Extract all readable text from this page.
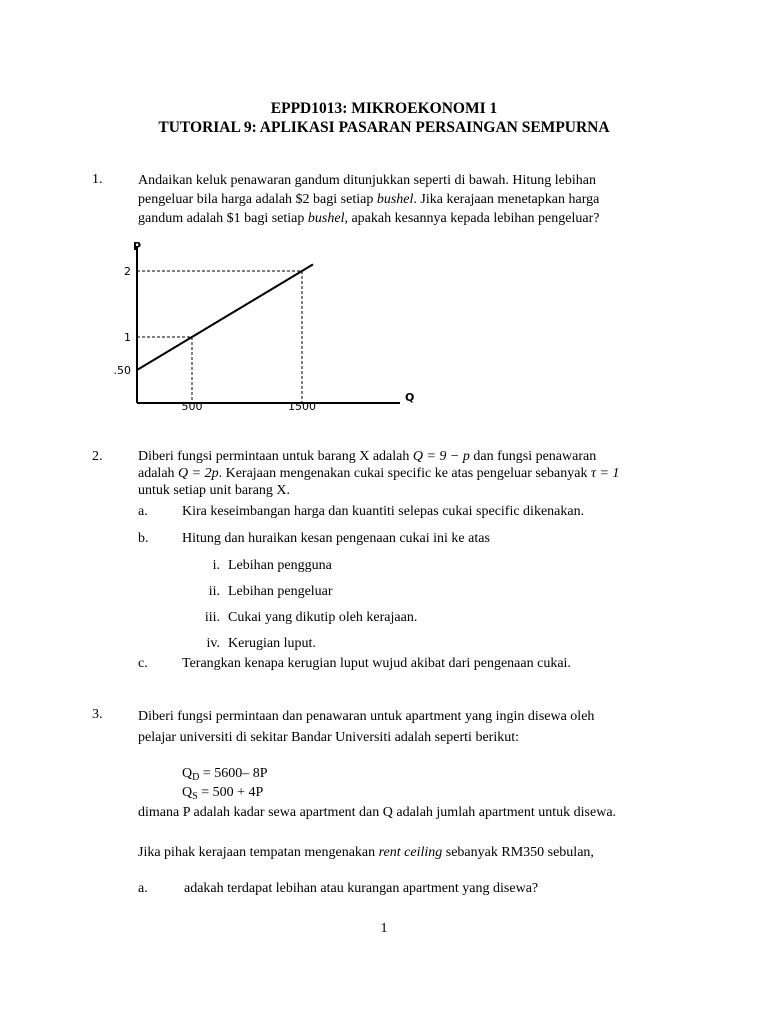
EPPD1013: MIKROEKONOMI 1
TUTORIAL 9: APLIKASI PASARAN PERSAINGAN SEMPURNA
1.	Andaikan keluk penawaran gandum ditunjukkan seperti di bawah. Hitung lebihan
pengeluar bila harga adalah $2 bagi setiap bushel. Jika kerajaan menetapkan harga
gandum adalah $1 bagi setiap bushel, apakah kesannya kepada lebihan pengeluar?
P
Q
.50
1
2
500	1500
2.	Diberi fungsi permintaan untuk barang X adalah Q = 9 − p dan fungsi penawaran
adalah Q = 2p. Kerajaan mengenakan cukai specific ke atas pengeluar sebanyak τ = 1
untuk setiap unit barang X.
a. Kira keseimbangan harga dan kuantiti selepas cukai specific dikenakan.
b. Hitung dan huraikan kesan pengenaan cukai ini ke atas
i. Lebihan pengguna
ii. Lebihan pengeluar
iii. Cukai yang dikutip oleh kerajaan.
iv. Kerugian luput.
c. Terangkan kenapa kerugian luput wujud akibat dari pengenaan cukai.
3.	Diberi fungsi permintaan dan penawaran untuk apartment yang ingin disewa oleh
pelajar universiti di sekitar Bandar Universiti adalah seperti berikut:
$Q_D = 5600-$ 8P
$Q_S = 500 + 4P$
dimana P adalah kadar sewa apartment dan Q adalah jumlah apartment untuk disewa.
Jika pihak kerajaan tempatan mengenakan rent ceiling sebanyak RM350 sebulan,
a.	adakah terdapat lebihan atau kurangan apartment yang disewa?
1
